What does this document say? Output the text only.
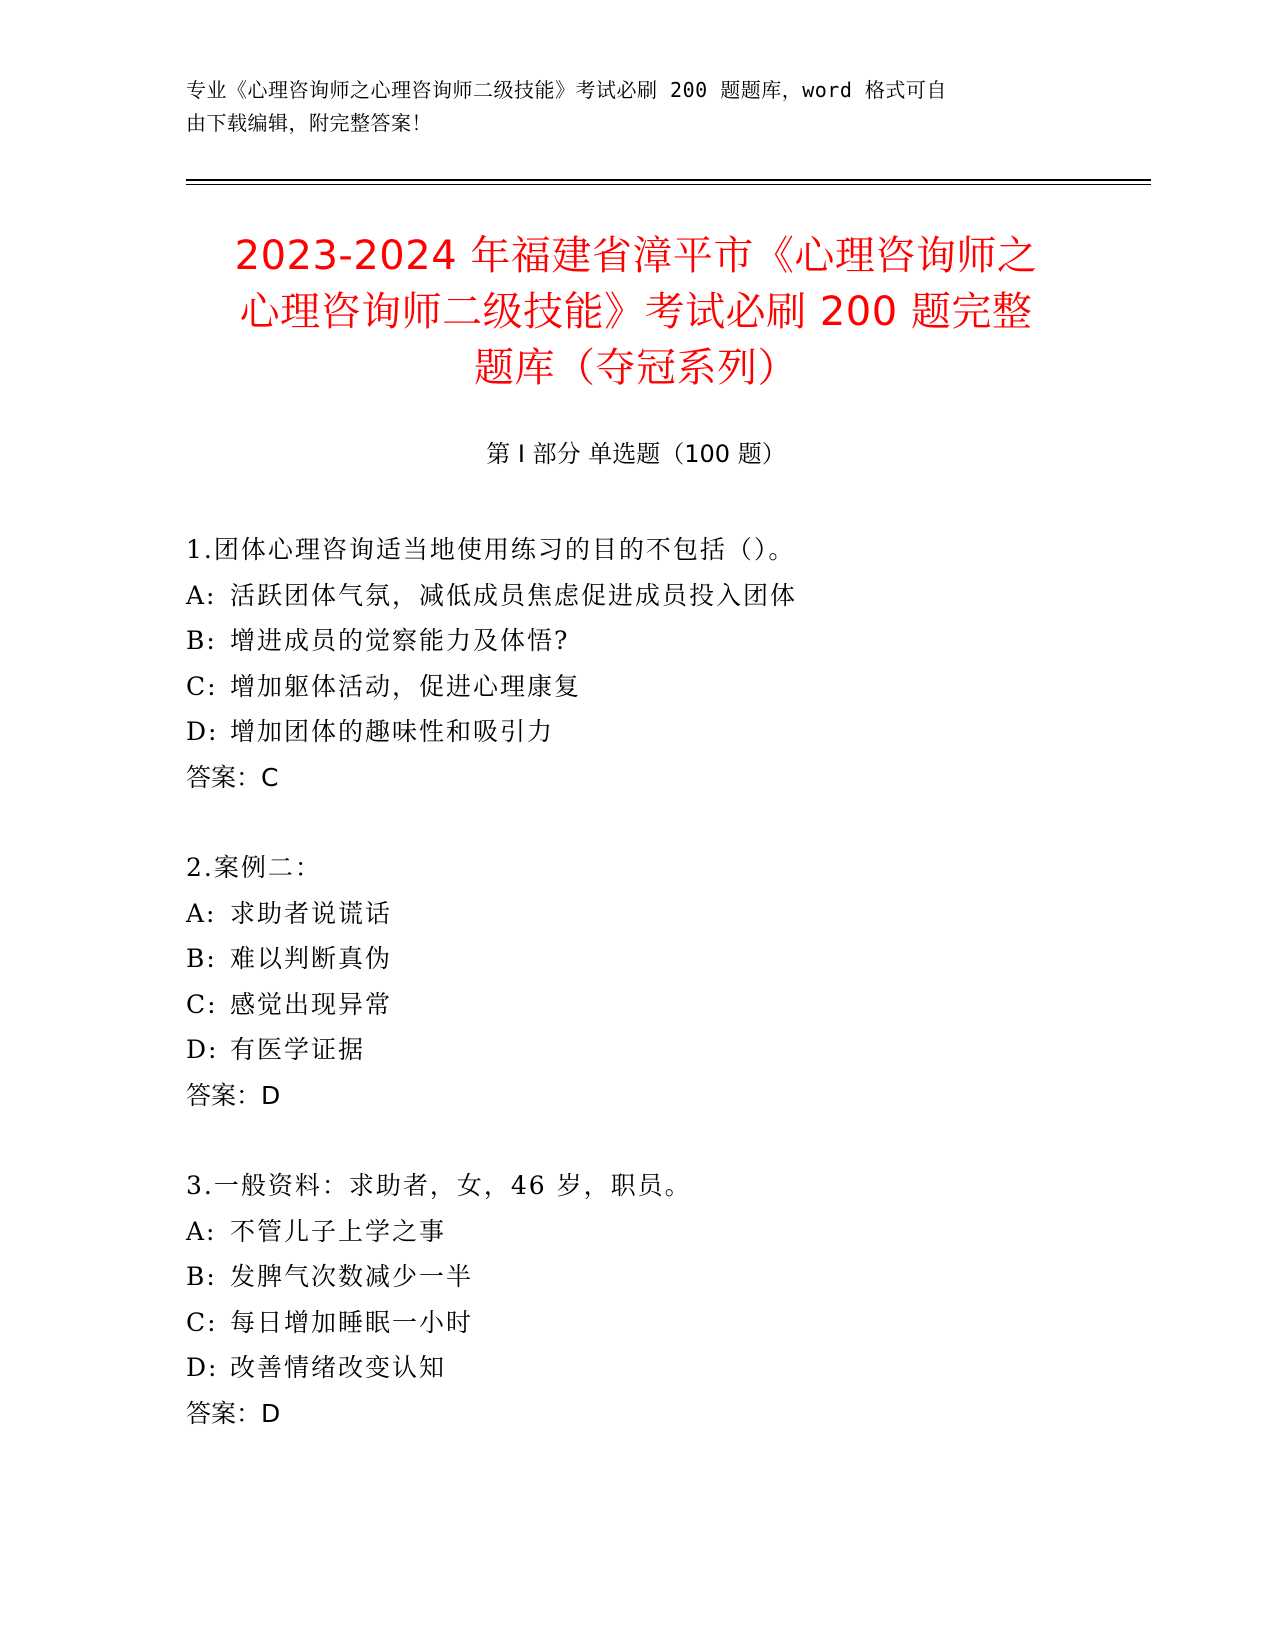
专业《心理咨询师之心理咨询师二级技能》考试必刷 200 题题库，word 格式可自
由下载编辑，附完整答案！
2023-2024 年福建省漳平市《心理咨询师之
心理咨询师二级技能》考试必刷 200 题完整
题库（夺冠系列）
第 I 部分 单选题（100 题）
1.团体心理咨询适当地使用练习的目的不包括（）。
A: 活跃团体气氛，减低成员焦虑促进成员投入团体
B: 增进成员的觉察能力及体悟?
C: 增加躯体活动，促进心理康复
D: 增加团体的趣味性和吸引力
答案：C
2.案例二：
A: 求助者说谎话
B: 难以判断真伪
C: 感觉出现异常
D: 有医学证据
答案：D
3.一般资料：求助者，女，46 岁，职员。
A: 不管儿子上学之事
B: 发脾气次数减少一半
C: 每日增加睡眠一小时
D: 改善情绪改变认知
答案：D
